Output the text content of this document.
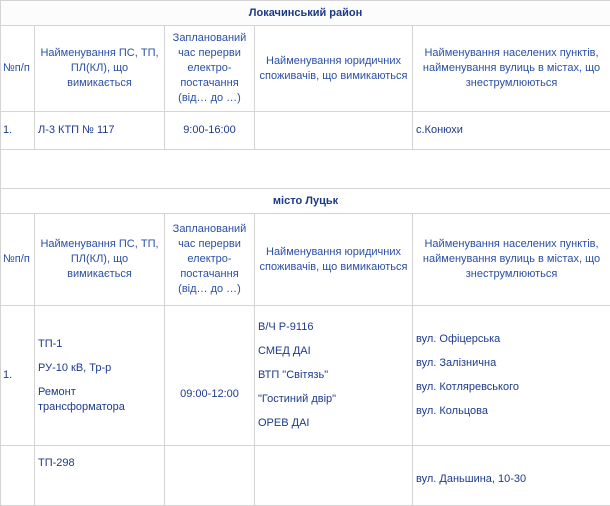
Локачинський район				
№п/п	Найменування ПС, ТП, ПЛ(КЛ), що вимикається	Запланований час перерви електро-постачання (від… до …)	Найменування юридичних споживачів, що вимикаються	Найменування населених пунктів, найменування вулиць в містах, що знеструмлюються
1.	Л-3 КТП № 117	9:00-16:00		с.Конюхи

місто Луцьк				
№п/п	Найменування ПС, ТП, ПЛ(КЛ), що вимикається	Запланований час перерви електро-постачання (від… до …)	Найменування юридичних споживачів, що вимикаються	Найменування населених пунктів, найменування вулиць в містах, що знеструмлюються
1.	ТП-1
РУ-10 кВ, Тр-р
Ремонт трансформатора	09:00-12:00	В/Ч Р-9116
СМЕД ДАІ
ВТП "Світязь"
"Гостиний двір"
ОРЕВ ДАІ	вул. Офіцерська
вул. Залізнична
вул. Котляревського
вул. Кольцова

	ТП-298			вул. Даньшина, 10-30
